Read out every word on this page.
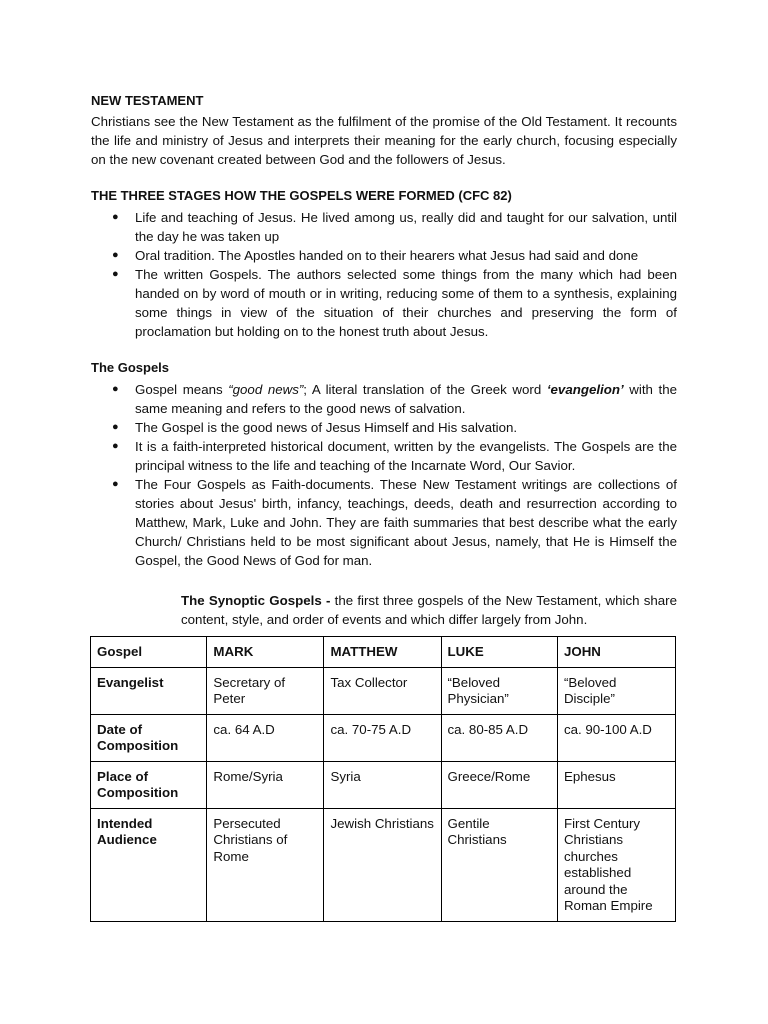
NEW TESTAMENT

Christians see the New Testament as the fulfilment of the promise of the Old Testament. It recounts the life and ministry of Jesus and interprets their meaning for the early church, focusing especially on the new covenant created between God and the followers of Jesus.

THE THREE STAGES HOW THE GOSPELS WERE FORMED (CFC 82)

● Life and teaching of Jesus. He lived among us, really did and taught for our salvation, until the day he was taken up
● Oral tradition. The Apostles handed on to their hearers what Jesus had said and done
● The written Gospels. The authors selected some things from the many which had been handed on by word of mouth or in writing, reducing some of them to a synthesis, explaining some things in view of the situation of their churches and preserving the form of proclamation but holding on to the honest truth about Jesus.

The Gospels

● Gospel means “good news”; A literal translation of the Greek word ‘evangelion’ with the same meaning and refers to the good news of salvation.
● The Gospel is the good news of Jesus Himself and His salvation.
● It is a faith-interpreted historical document, written by the evangelists. The Gospels are the principal witness to the life and teaching of the Incarnate Word, Our Savior.
● The Four Gospels as Faith-documents. These New Testament writings are collections of stories about Jesus' birth, infancy, teachings, deeds, death and resurrection according to Matthew, Mark, Luke and John. They are faith summaries that best describe what the early Church/ Christians held to be most significant about Jesus, namely, that He is Himself the Gospel, the Good News of God for man.

The Synoptic Gospels - the first three gospels of the New Testament, which share content, style, and order of events and which differ largely from John.

Gospel	MARK	MATTHEW	LUKE	JOHN
Evangelist	Secretary of Peter	Tax Collector	“Beloved Physician”	“Beloved Disciple”
Date of Composition	ca. 64 A.D	ca. 70-75 A.D	ca. 80-85 A.D	ca. 90-100 A.D
Place of Composition	Rome/Syria	Syria	Greece/Rome	Ephesus
Intended Audience	Persecuted Christians of Rome	Jewish Christians	Gentile Christians	First Century Christians churches established around the Roman Empire
